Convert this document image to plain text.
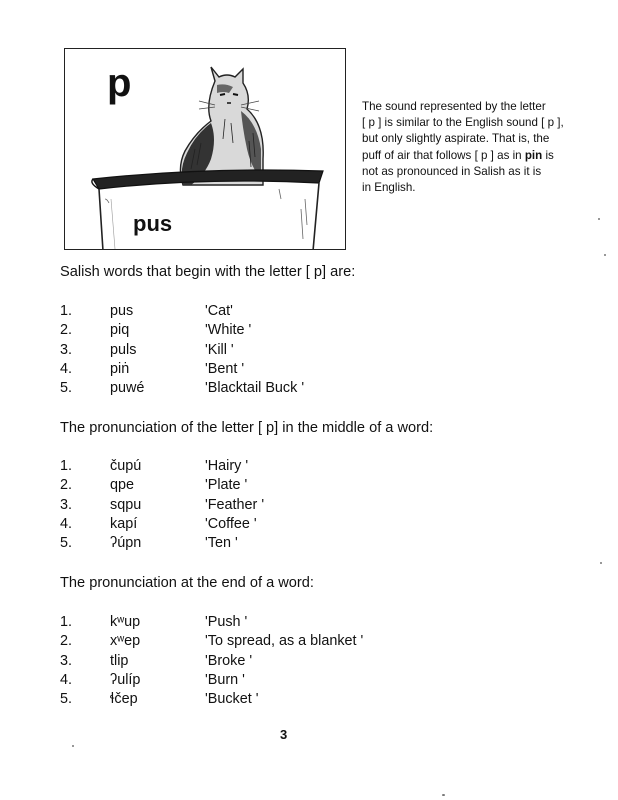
p
pus
The sound represented by the letter
[ p ] is similar to the English sound [ p ],
but only slightly aspirate. That is, the
puff of air that follows [ p ] as in pin is
not as pronounced in Salish as it is
in English.
Salish words that begin with the letter [ p] are:
1.	pus	'Cat'
2.	piq	'White '
3.	puls	'Kill '
4.	piṅ	'Bent '
5.	puwé	'Blacktail Buck '
The pronunciation of the letter [ p] in the middle of a word:
1.	čupú	'Hairy '
2.	qpe	'Plate '
3.	sqpu	'Feather '
4.	kapí	'Coffee '
5.	ʔúpn	'Ten '
The pronunciation at the end of a word:
1.	kʷup	'Push '
2.	xʷep	'To spread, as a blanket '
3.	tlip	'Broke '
4.	ʔulíp	'Burn '
5.	ɬčep	'Bucket '
3
